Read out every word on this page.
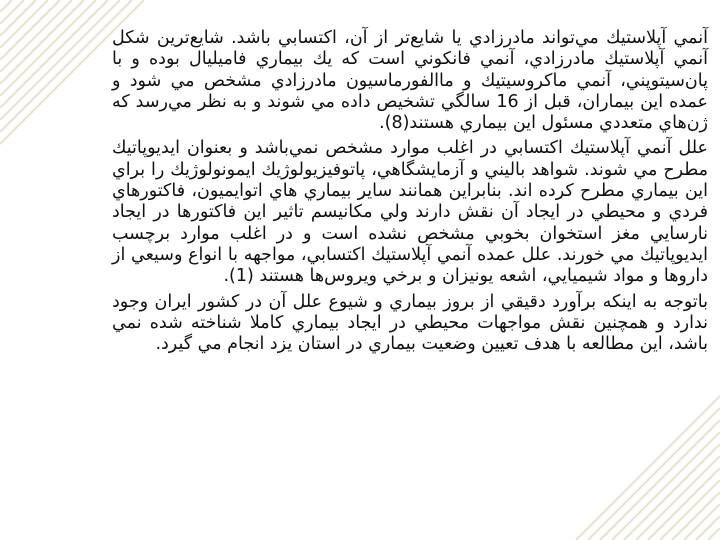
آنمي آپلاستيك مي‌تواند مادرزادي يا شايع‌تر از آن، اكتسابي باشد. شايع‌ترين شكل آنمي آپلاستيك مادرزادي، آنمي فانكوني است كه يك بيماري فاميليال بوده و با پان‌سيتوپني، آنمي ماكروسيتيك و ماالفورماسيون مادرزادي مشخص مي شود و عمده اين بيماران، قبل از 16 سالگي تشخيص داده مي شوند و به نظر مي‌رسد كه ژن‌هاي متعددي مسئول اين بيماري هستند(8).

علل آنمي آپلاستيك اكتسابي در اغلب موارد مشخص نمي‌باشد و بعنوان ايديوپاتيك مطرح مي شوند. شواهد باليني و آزمايشگاهي، پاتوفيزيولوژيك ايمونولوژيك را براي اين بيماري مطرح كرده اند. بنابراين همانند ساير بيماري هاي اتوايميون، فاكتورهاي فردي و محيطي در ايجاد آن نقش دارند ولي مكانيسم تاثير اين فاكتورها در ايجاد نارسايي مغز استخوان بخوبي مشخص نشده است و در اغلب موارد برچسب ايديوپاتيك مي خورند. علل عمده آنمي آپلاستيك اكتسابي، مواجهه با انواع وسيعي از داروها و مواد شيميايي، اشعه يونيزان و برخي ويروس‌ها هستند (1).

باتوجه به اينكه برآورد دقيقي از بروز بيماري و شيوع علل آن در كشور ايران وجود ندارد و همچنين نقش مواجهات محيطي در ايجاد بيماري كاملا شناخته شده نمي باشد، اين مطالعه با هدف تعيين وضعيت بيماري در استان يزد انجام مي گيرد.
